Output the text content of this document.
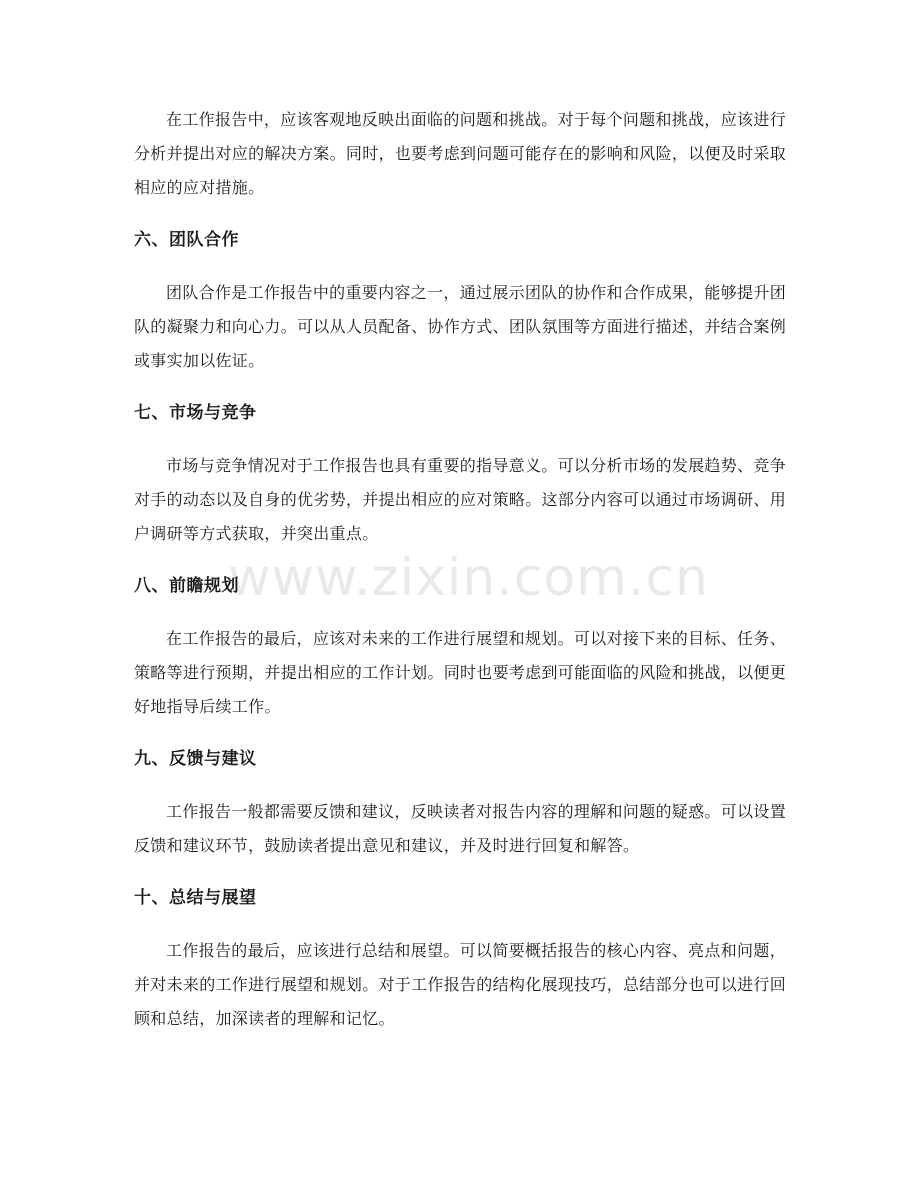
www.zixin.com.cn

在工作报告中，应该客观地反映出面临的问题和挑战。对于每个问题和挑战，应该进行分析并提出对应的解决方案。同时，也要考虑到问题可能存在的影响和风险，以便及时采取相应的应对措施。

六、团队合作

团队合作是工作报告中的重要内容之一，通过展示团队的协作和合作成果，能够提升团队的凝聚力和向心力。可以从人员配备、协作方式、团队氛围等方面进行描述，并结合案例或事实加以佐证。

七、市场与竞争

市场与竞争情况对于工作报告也具有重要的指导意义。可以分析市场的发展趋势、竞争对手的动态以及自身的优劣势，并提出相应的应对策略。这部分内容可以通过市场调研、用户调研等方式获取，并突出重点。

八、前瞻规划

在工作报告的最后，应该对未来的工作进行展望和规划。可以对接下来的目标、任务、策略等进行预期，并提出相应的工作计划。同时也要考虑到可能面临的风险和挑战，以便更好地指导后续工作。

九、反馈与建议

工作报告一般都需要反馈和建议，反映读者对报告内容的理解和问题的疑惑。可以设置反馈和建议环节，鼓励读者提出意见和建议，并及时进行回复和解答。

十、总结与展望

工作报告的最后，应该进行总结和展望。可以简要概括报告的核心内容、亮点和问题，并对未来的工作进行展望和规划。对于工作报告的结构化展现技巧，总结部分也可以进行回顾和总结，加深读者的理解和记忆。
